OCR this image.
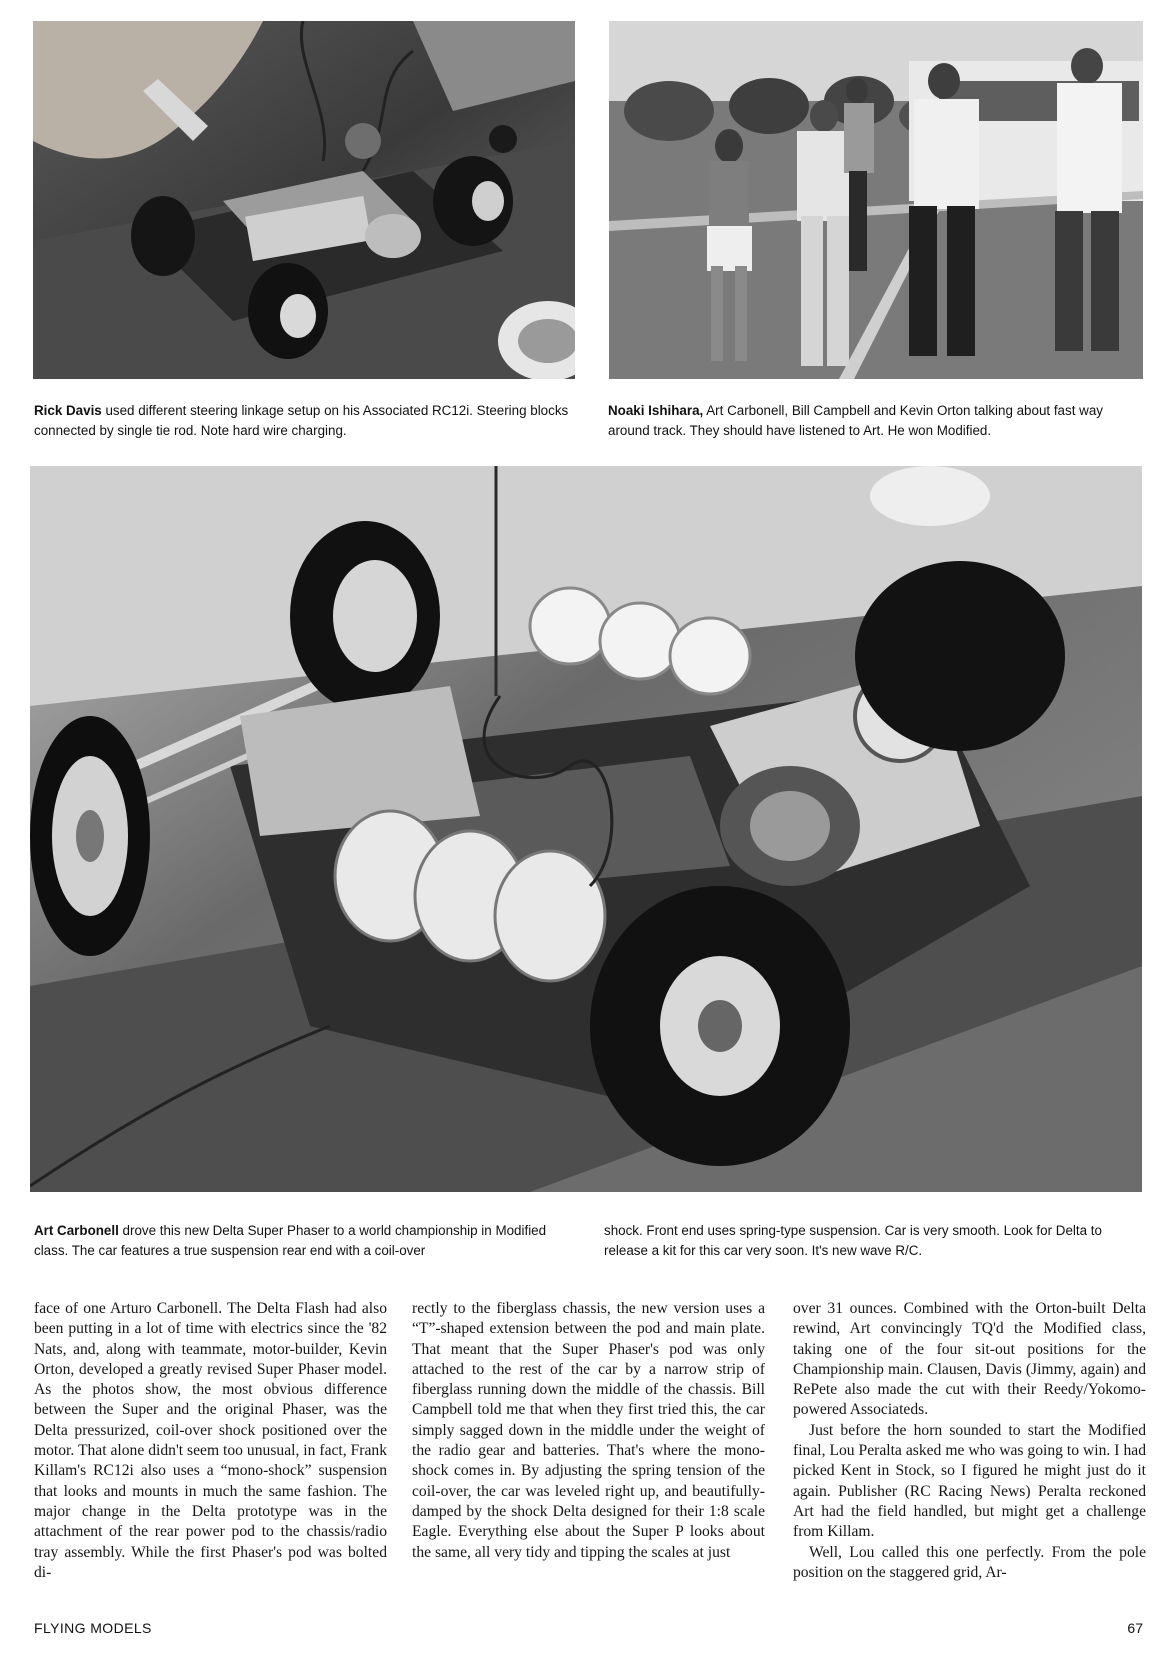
Rick Davis used different steering linkage setup on his Associated RC12i. Steering blocks connected by single tie rod. Note hard wire charging.
Noaki Ishihara, Art Carbonell, Bill Campbell and Kevin Orton talking about fast way around track. They should have listened to Art. He won Modified.
Art Carbonell drove this new Delta Super Phaser to a world championship in Modified class. The car features a true suspension rear end with a coil-over
shock. Front end uses spring-type suspension. Car is very smooth. Look for Delta to release a kit for this car very soon. It's new wave R/C.

face of one Arturo Carbonell. The Delta Flash had also been putting in a lot of time with electrics since the '82 Nats, and, along with teammate, motor-builder, Kevin Orton, developed a greatly revised Super Phaser model. As the photos show, the most obvious difference between the Super and the original Phaser, was the Delta pressurized, coil-over shock positioned over the motor. That alone didn't seem too unusual, in fact, Frank Killam's RC12i also uses a “mono-shock” suspension that looks and mounts in much the same fashion. The major change in the Delta prototype was in the attachment of the rear power pod to the chassis/radio tray assembly. While the first Phaser's pod was bolted di-

rectly to the fiberglass chassis, the new version uses a “T”-shaped extension between the pod and main plate. That meant that the Super Phaser's pod was only attached to the rest of the car by a narrow strip of fiberglass running down the middle of the chassis. Bill Campbell told me that when they first tried this, the car simply sagged down in the middle under the weight of the radio gear and batteries. That's where the mono-shock comes in. By adjusting the spring tension of the coil-over, the car was leveled right up, and beautifully-damped by the shock Delta designed for their 1:8 scale Eagle. Everything else about the Super P looks about the same, all very tidy and tipping the scales at just

over 31 ounces. Combined with the Orton-built Delta rewind, Art convincingly TQ'd the Modified class, taking one of the four sit-out positions for the Championship main. Clausen, Davis (Jimmy, again) and RePete also made the cut with their Reedy/Yokomo-powered Associateds.

Just before the horn sounded to start the Modified final, Lou Peralta asked me who was going to win. I had picked Kent in Stock, so I figured he might just do it again. Publisher (RC Racing News) Peralta reckoned Art had the field handled, but might get a challenge from Killam.

Well, Lou called this one perfectly. From the pole position on the staggered grid, Ar-

FLYING MODELS	67
